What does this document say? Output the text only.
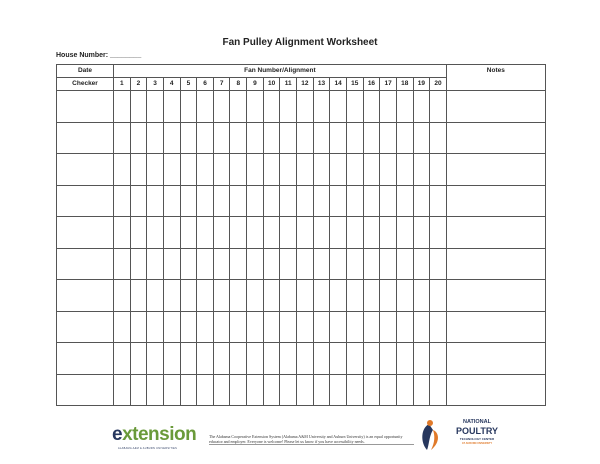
Fan Pulley Alignment Worksheet
House Number: ________
Date	Fan Number/Alignment																				Notes
Checker	1	2	3	4	5	6	7	8	9	10	11	12	13	14	15	16	17	18	19	20	

extension
ALABAMA A&M & AUBURN UNIVERSITIES
The Alabama Cooperative Extension System (Alabama A&M University and Auburn University) is an equal opportunity educator and employer. Everyone is welcome! Please let us know if you have accessibility needs.
NATIONAL
POULTRY
TECHNOLOGY CENTER
AT AUBURN UNIVERSITY
